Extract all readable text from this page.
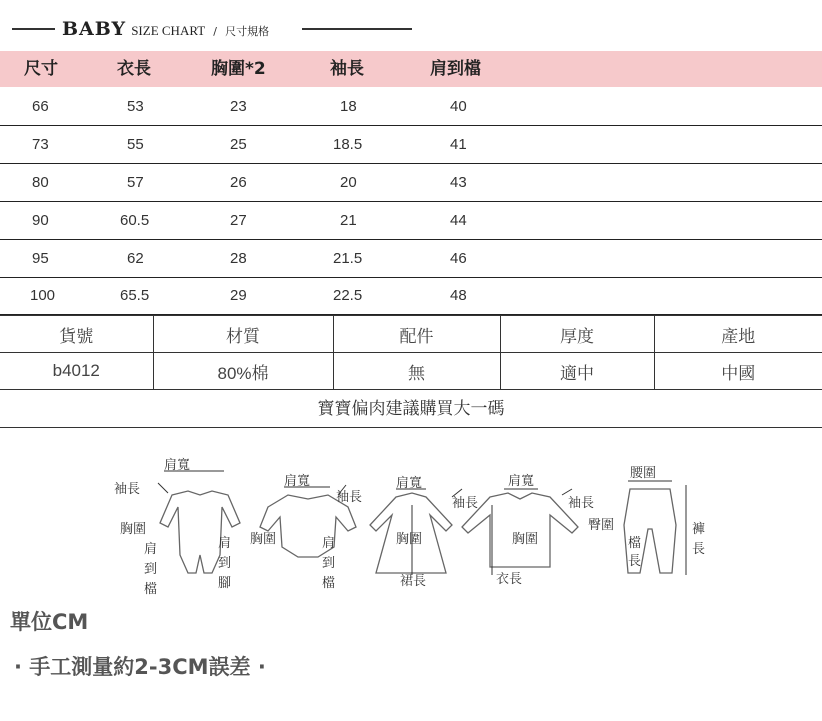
BABY SIZE CHART / 尺寸規格
尺寸	衣長	胸圍*2	袖長	肩到檔
66	53	23	18	40
73	55	25	18.5	41
80	57	26	20	43
90	60.5	27	21	44
95	62	28	21.5	46
100	65.5	29	22.5	48
貨號	材質	配件	厚度	產地
b4012	80%棉	無	適中	中國
寶寶偏肉建議購買大一碼
袖長
肩寬
胸圍
肩
到
檔
肩
到
腳
肩寬
胸圍
袖長
肩
到
檔
肩寬
胸圍
袖長
裙長
肩寬
胸圍
袖長
衣長
腰圍
臀圍
檔
長
褲
長
單位CM
· 手工測量約2-3CM誤差 ·
